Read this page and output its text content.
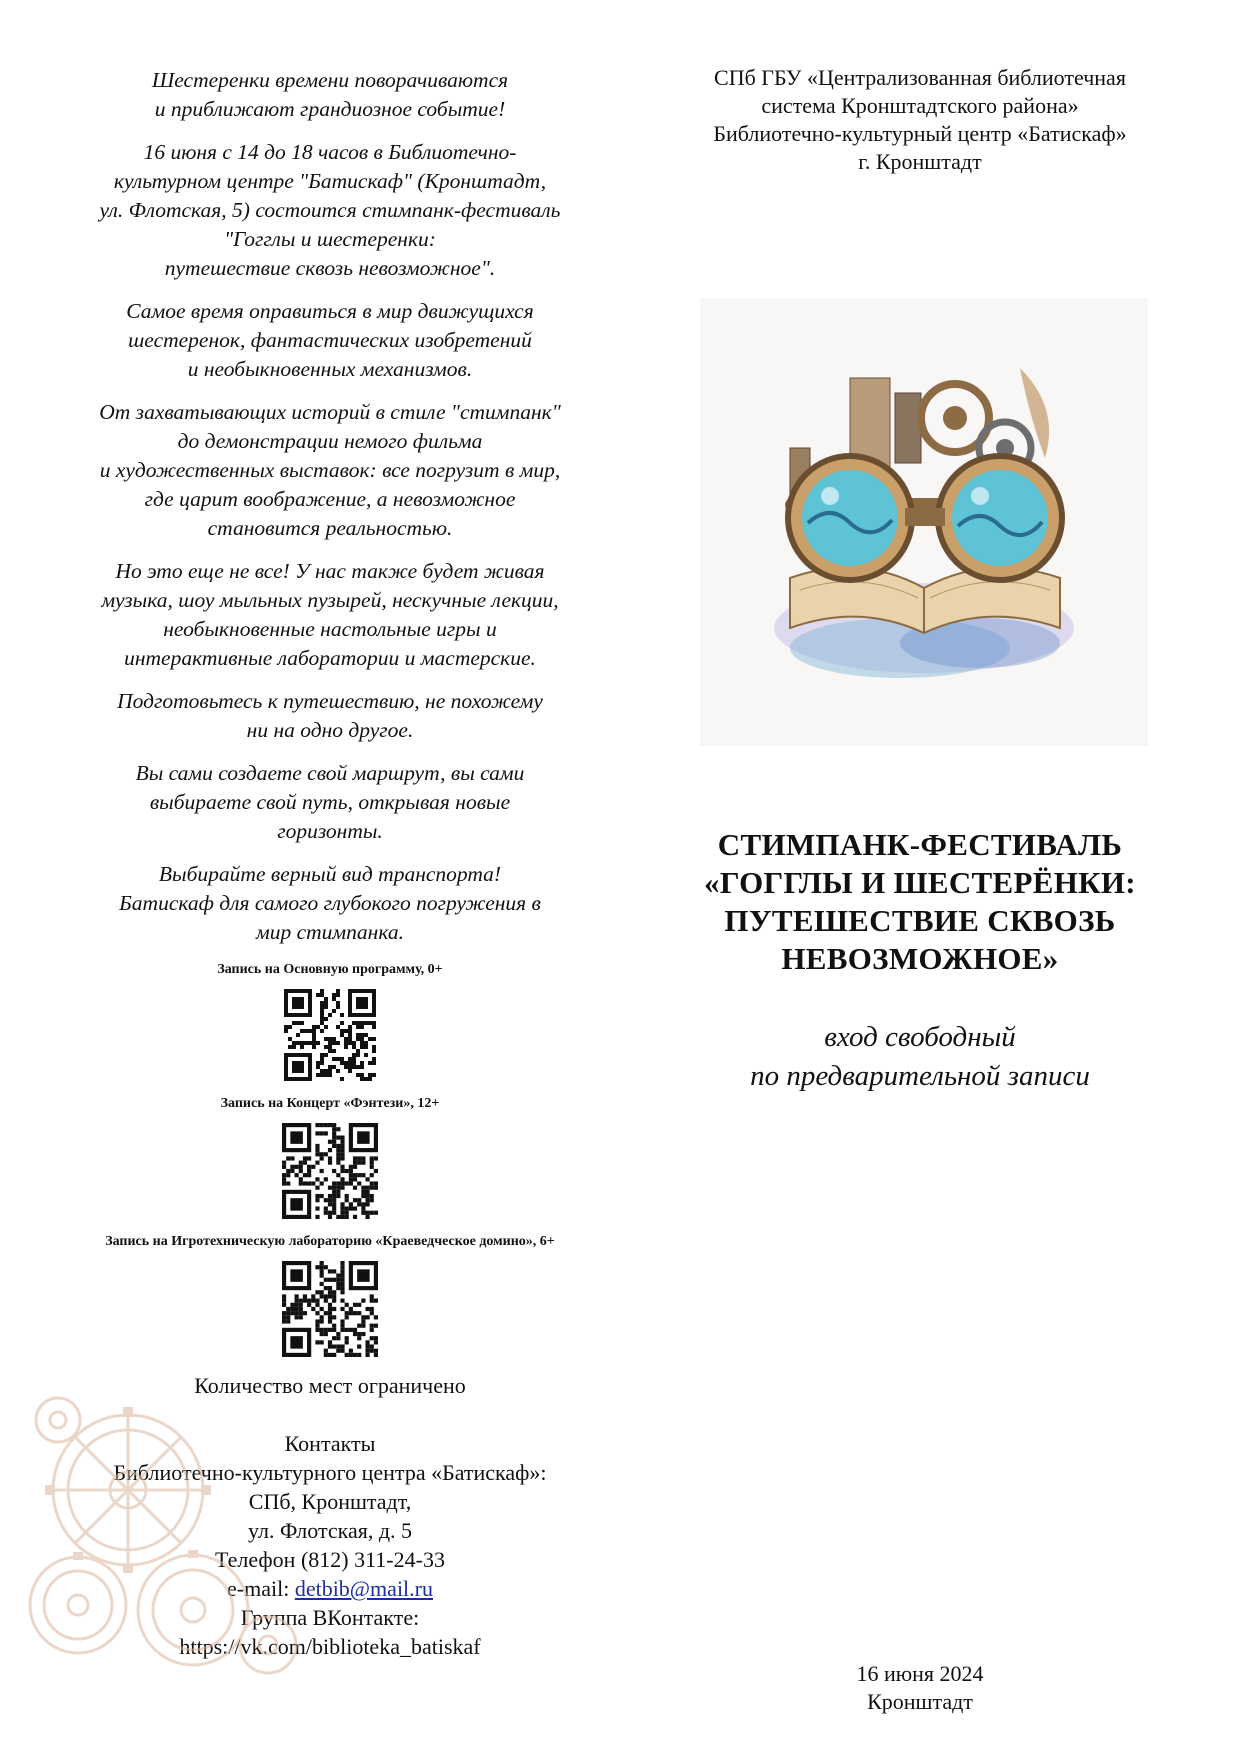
Шестеренки времени поворачиваются
и приближают грандиозное событие!

16 июня с 14 до 18 часов в Библиотечно-
культурном центре "Батискаф" (Кронштадт,
ул. Флотская, 5) состоится стимпанк-фестиваль
"Гогглы и шестеренки:
путешествие сквозь невозможное".

Самое время оправиться в мир движущихся
шестеренок, фантастических изобретений
и необыкновенных механизмов.

От захватывающих историй в стиле "стимпанк"
до демонстрации немого фильма
и художественных выставок: все погрузит в мир,
где царит воображение, а невозможное
становится реальностью.

Но это еще не все! У нас также будет живая
музыка, шоу мыльных пузырей, нескучные лекции,
необыкновенные настольные игры и
интерактивные лаборатории и мастерские.

Подготовьтесь к путешествию, не похожему
ни на одно другое.

Вы сами создаете свой маршрут, вы сами
выбираете свой путь, открывая новые
горизонты.

Выбирайте верный вид транспорта!
Батискаф для самого глубокого погружения в
мир стимпанка.

Запись на Основную программу, 0+
Запись на Концерт «Фэнтези», 12+
Запись на Игротехническую лабораторию «Краеведческое домино», 6+
Количество мест ограничено
Контакты
Библиотечно-культурного центра «Батискаф»:
СПб, Кронштадт,
ул. Флотская, д. 5
Телефон (812) 311-24-33
e-mail: detbib@mail.ru
Группа ВКонтакте:
https://vk.com/biblioteka_batiskaf
СПб ГБУ «Централизованная библиотечная
система Кронштадтского района»
Библиотечно-культурный центр «Батискаф»
г. Кронштадт
СТИМПАНК-ФЕСТИВАЛЬ
«ГОГГЛЫ И ШЕСТЕРЁНКИ:
ПУТЕШЕСТВИЕ СКВОЗЬ
НЕВОЗМОЖНОЕ»
вход свободный
по предварительной записи
16 июня 2024
Кронштадт
